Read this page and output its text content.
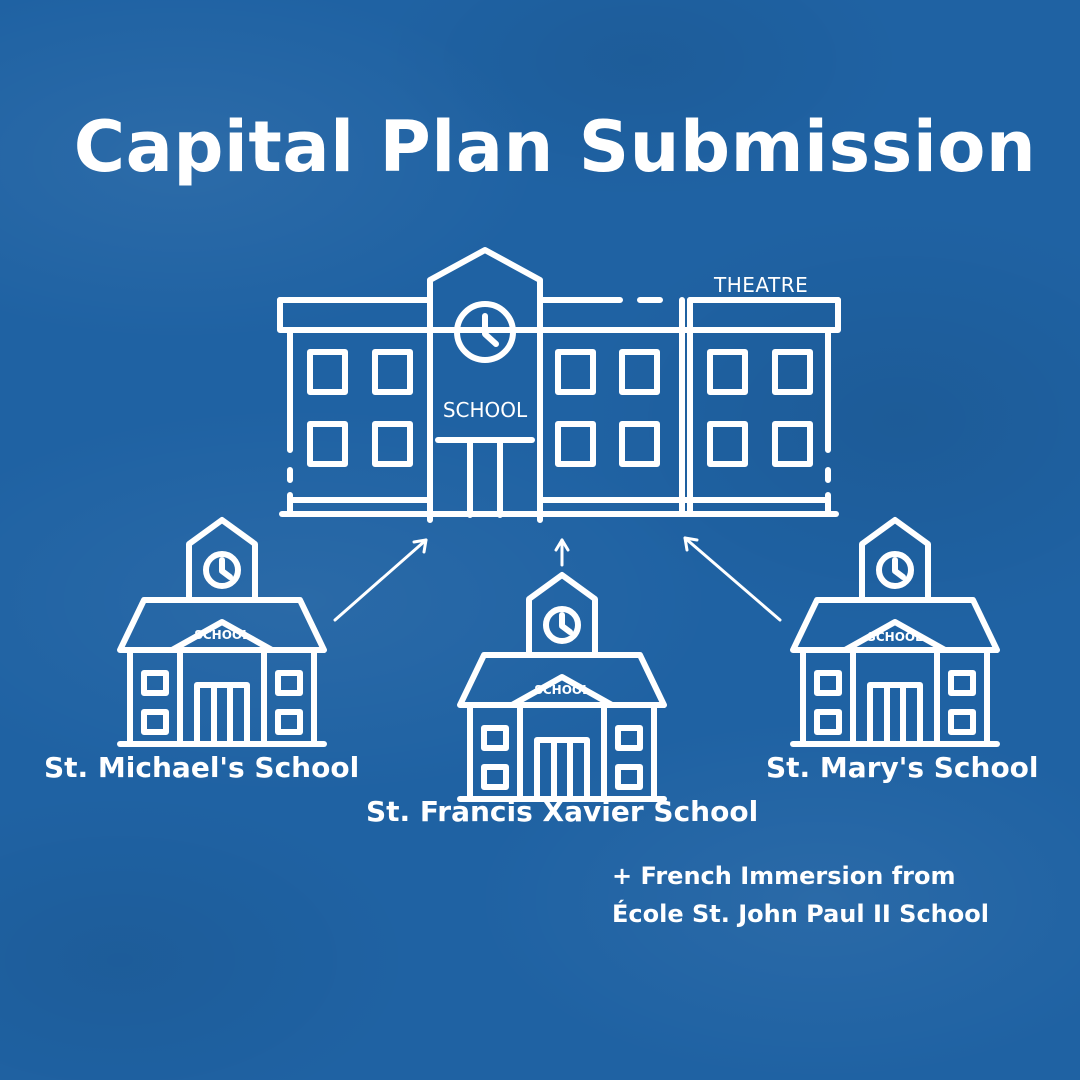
Capital Plan Submission
SCHOOL
THEATRE
SCHOOL
SCHOOL
SCHOOL
St. Michael's School
St. Francis Xavier School
St. Mary's School
+ French Immersion from
École St. John Paul II School
